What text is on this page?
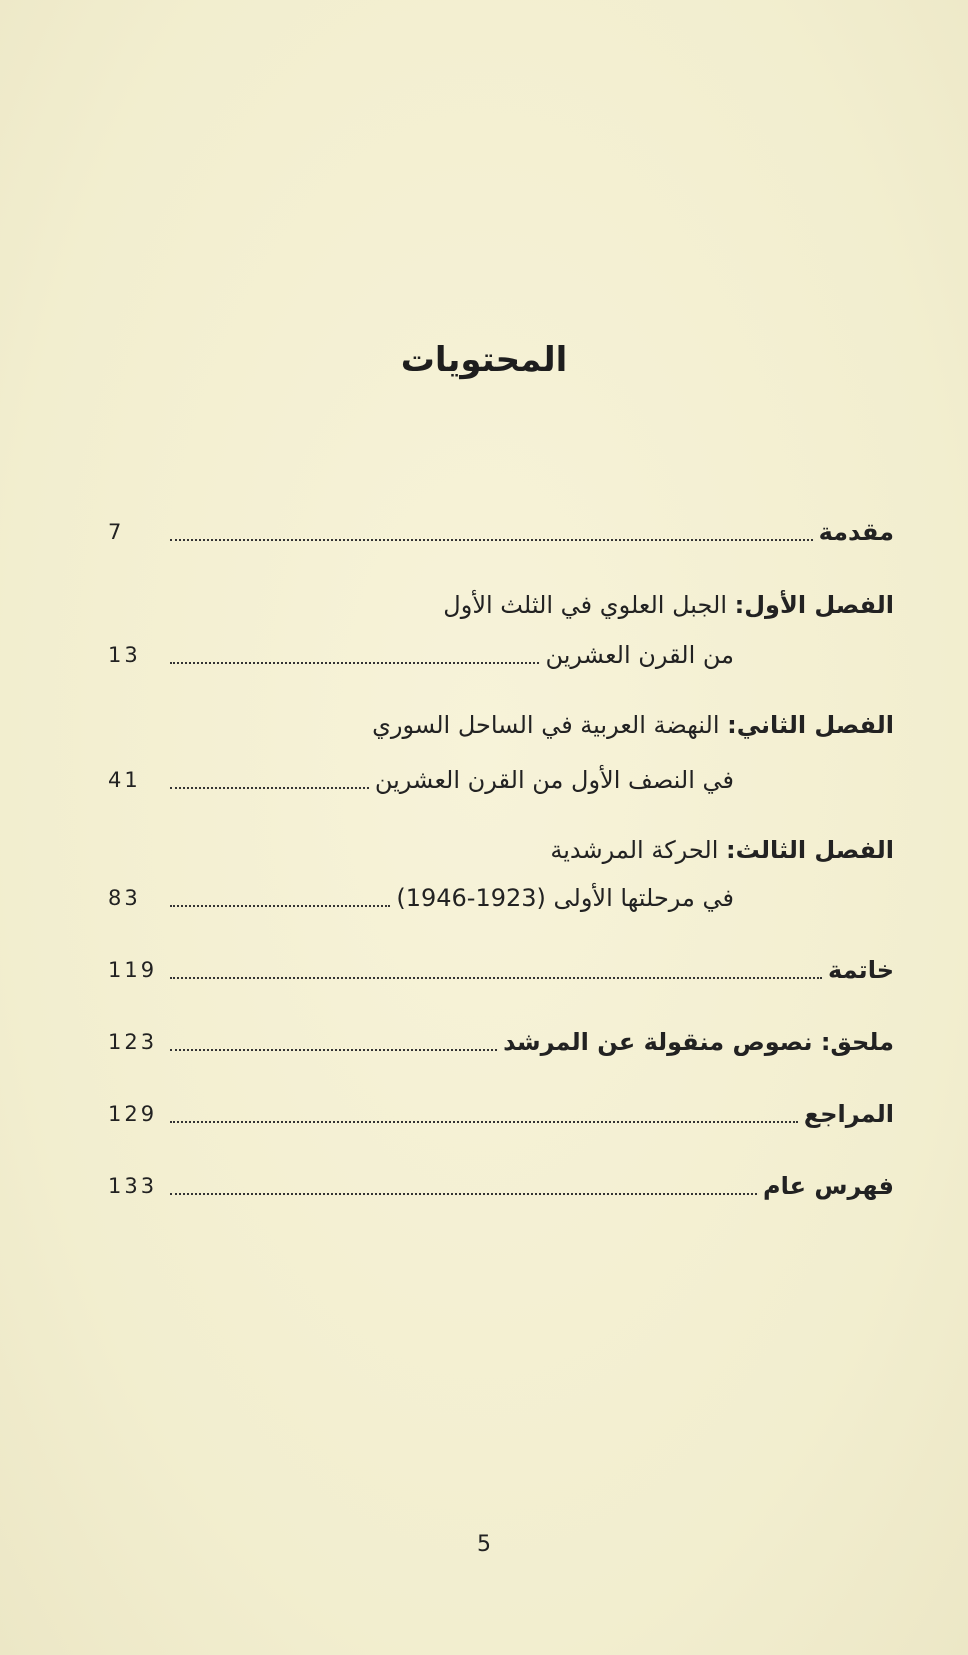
المحتويات
مقدمة
7
الفصل الأول: الجبل العلوي في الثلث الأول
من القرن العشرين
13
الفصل الثاني: النهضة العربية في الساحل السوري
في النصف الأول من القرن العشرين
41
الفصل الثالث: الحركة المرشدية
في مرحلتها الأولى (1923-1946)
83
خاتمة
119
ملحق: نصوص منقولة عن المرشد
123
المراجع
129
فهرس عام
133
5
